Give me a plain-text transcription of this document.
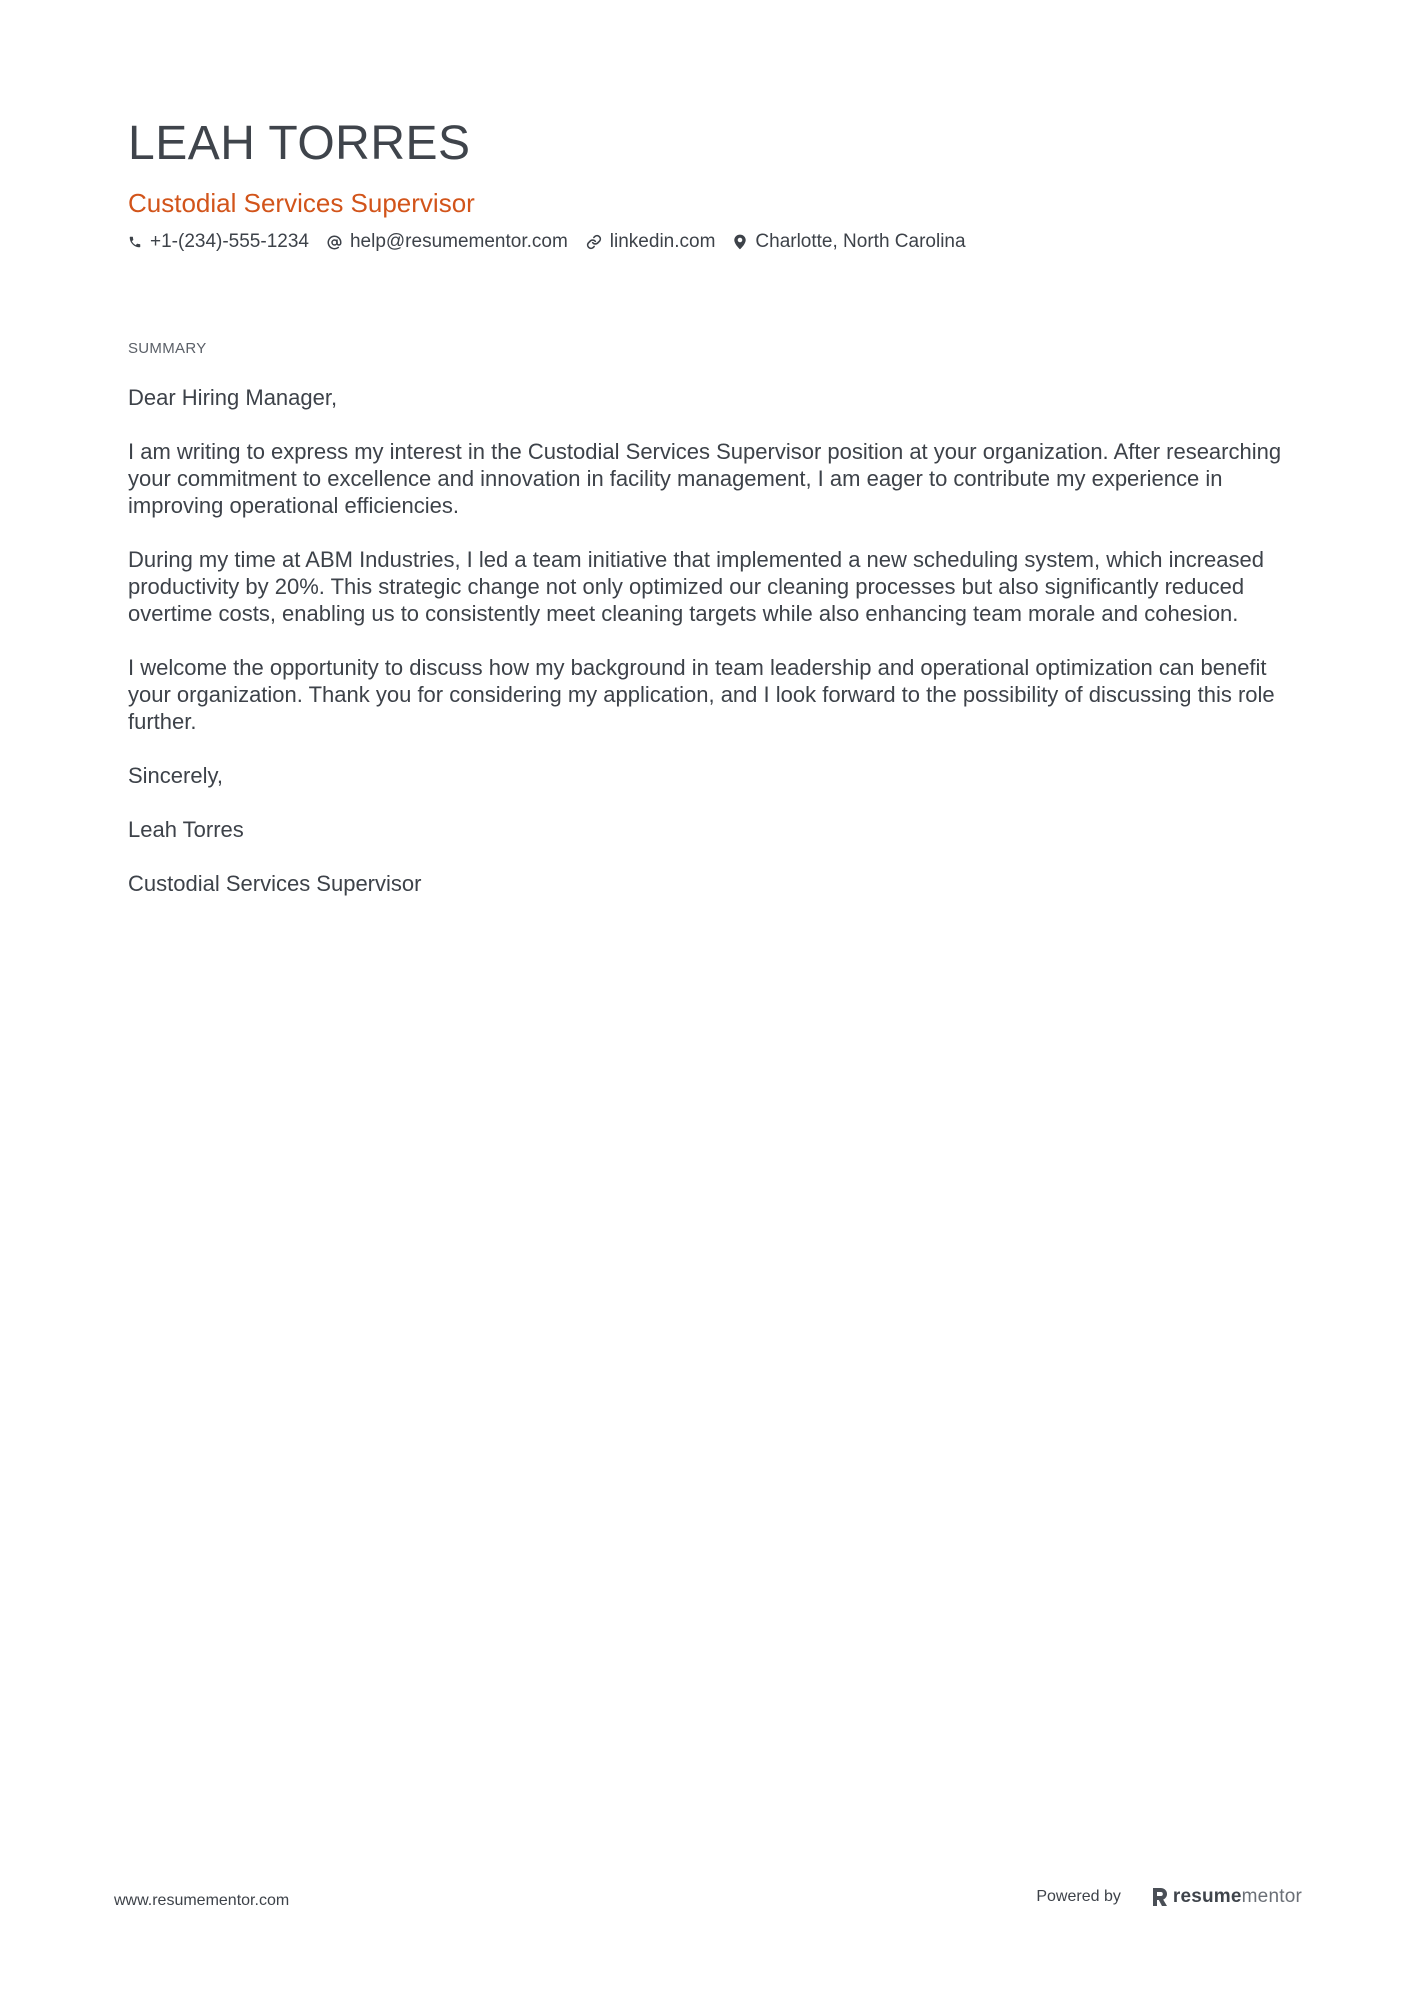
LEAH TORRES
Custodial Services Supervisor
+1-(234)-555-1234 help@resumementor.com linkedin.com Charlotte, North Carolina
SUMMARY

Dear Hiring Manager,

I am writing to express my interest in the Custodial Services Supervisor position at your organization. After researching your commitment to excellence and innovation in facility management, I am eager to contribute my experience in improving operational efficiencies.

During my time at ABM Industries, I led a team initiative that implemented a new scheduling system, which increased productivity by 20%. This strategic change not only optimized our cleaning processes but also significantly reduced overtime costs, enabling us to consistently meet cleaning targets while also enhancing team morale and cohesion.

I welcome the opportunity to discuss how my background in team leadership and operational optimization can benefit your organization. Thank you for considering my application, and I look forward to the possibility of discussing this role further.

Sincerely,

Leah Torres

Custodial Services Supervisor

www.resumementor.com	Powered by	resumementor
